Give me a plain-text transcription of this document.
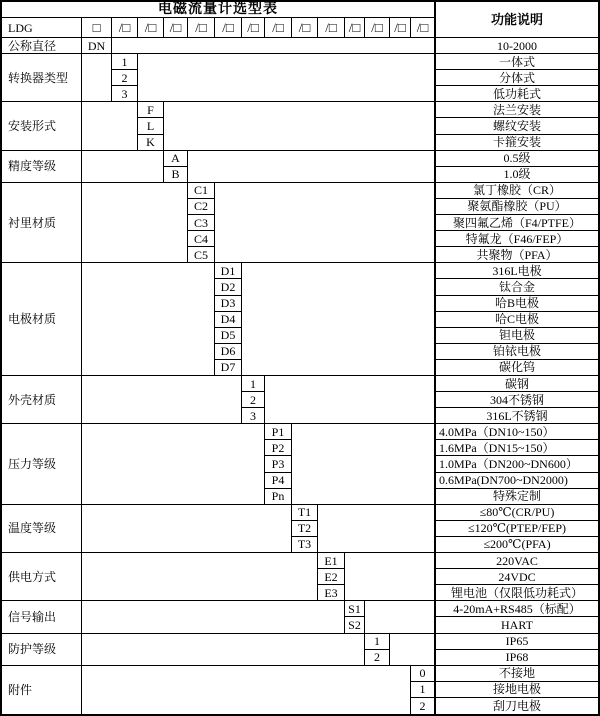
电磁流量计选型表
功能说明
LDG	□	/□	/□	/□	/□	/□	/□	/□	/□	/□ /□ /□ /□ /□
公称直径	DN	10-2000
转换器类型
1	一体式
2	分体式
3	低功耗式
安装形式
F	法兰安装
L	螺纹安装
K	卡箍安装
精度等级
A	0.5级
B	1.0级
衬里材质
C1	氯丁橡胶（CR）
C2	聚氨酯橡胶（PU）
C3	聚四氟乙烯（F4/PTFE）
C4	特氟龙（F46/FEP）
C5	共聚物（PFA）
电极材质
D1	316L电极
D2	钛合金
D3	哈B电极
D4	哈C电极
D5	钽电极
D6	铂铱电极
D7	碳化钨
外壳材质
1	碳钢
2	304不锈钢
3	316L不锈钢
压力等级
P1	4.0MPa（DN10~150）
P2	1.6MPa（DN15~150）
P3	1.0MPa（DN200~DN600）
P4	0.6MPa(DN700~DN2000)
Pn	特殊定制
温度等级
T1	≤80℃(CR/PU)
T2	≤120℃(PTEP/FEP)
T3	≤200℃(PFA)
供电方式
E1	220VAC
E2	24VDC
E3	锂电池（仅限低功耗式）
信号输出
S1	4-20mA+RS485（标配）
S2	HART
防护等级
1	IP65
2	IP68
附件
0	不接地
1	接地电极
2	刮刀电极
